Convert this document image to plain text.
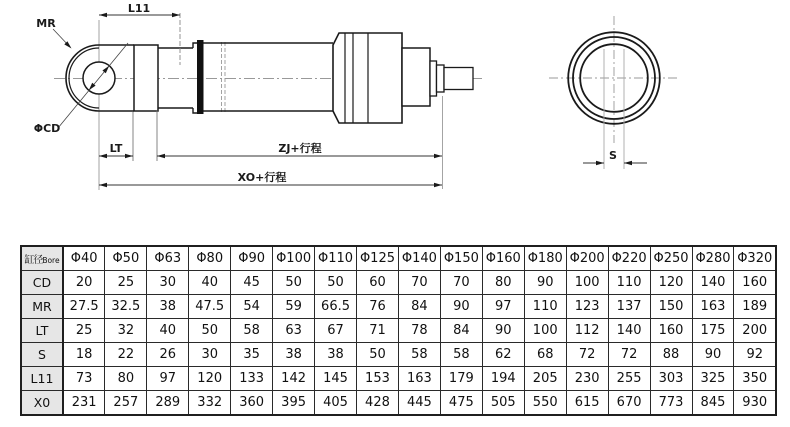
MR
ΦCD
L11
LT	ZJ+行程
XO+行程
S
缸径Bore	Φ40	Φ50	Φ63	Φ80	Φ90	Φ100	Φ110	Φ125	Φ140	Φ150	Φ160	Φ180	Φ200	Φ220	Φ250	Φ280	Φ320
CD	20	25	30	40	45	50	50	60	70	70	80	90	100	110	120	140	160
MR	27.5	32.5	38	47.5	54	59	66.5	76	84	90	97	110	123	137	150	163	189
LT	25	32	40	50	58	63	67	71	78	84	90	100	112	140	160	175	200
S	18	22	26	30	35	38	38	50	58	58	62	68	72	72	88	90	92
L11	73	80	97	120	133	142	145	153	163	179	194	205	230	255	303	325	350
X0	231	257	289	332	360	395	405	428	445	475	505	550	615	670	773	845	930
